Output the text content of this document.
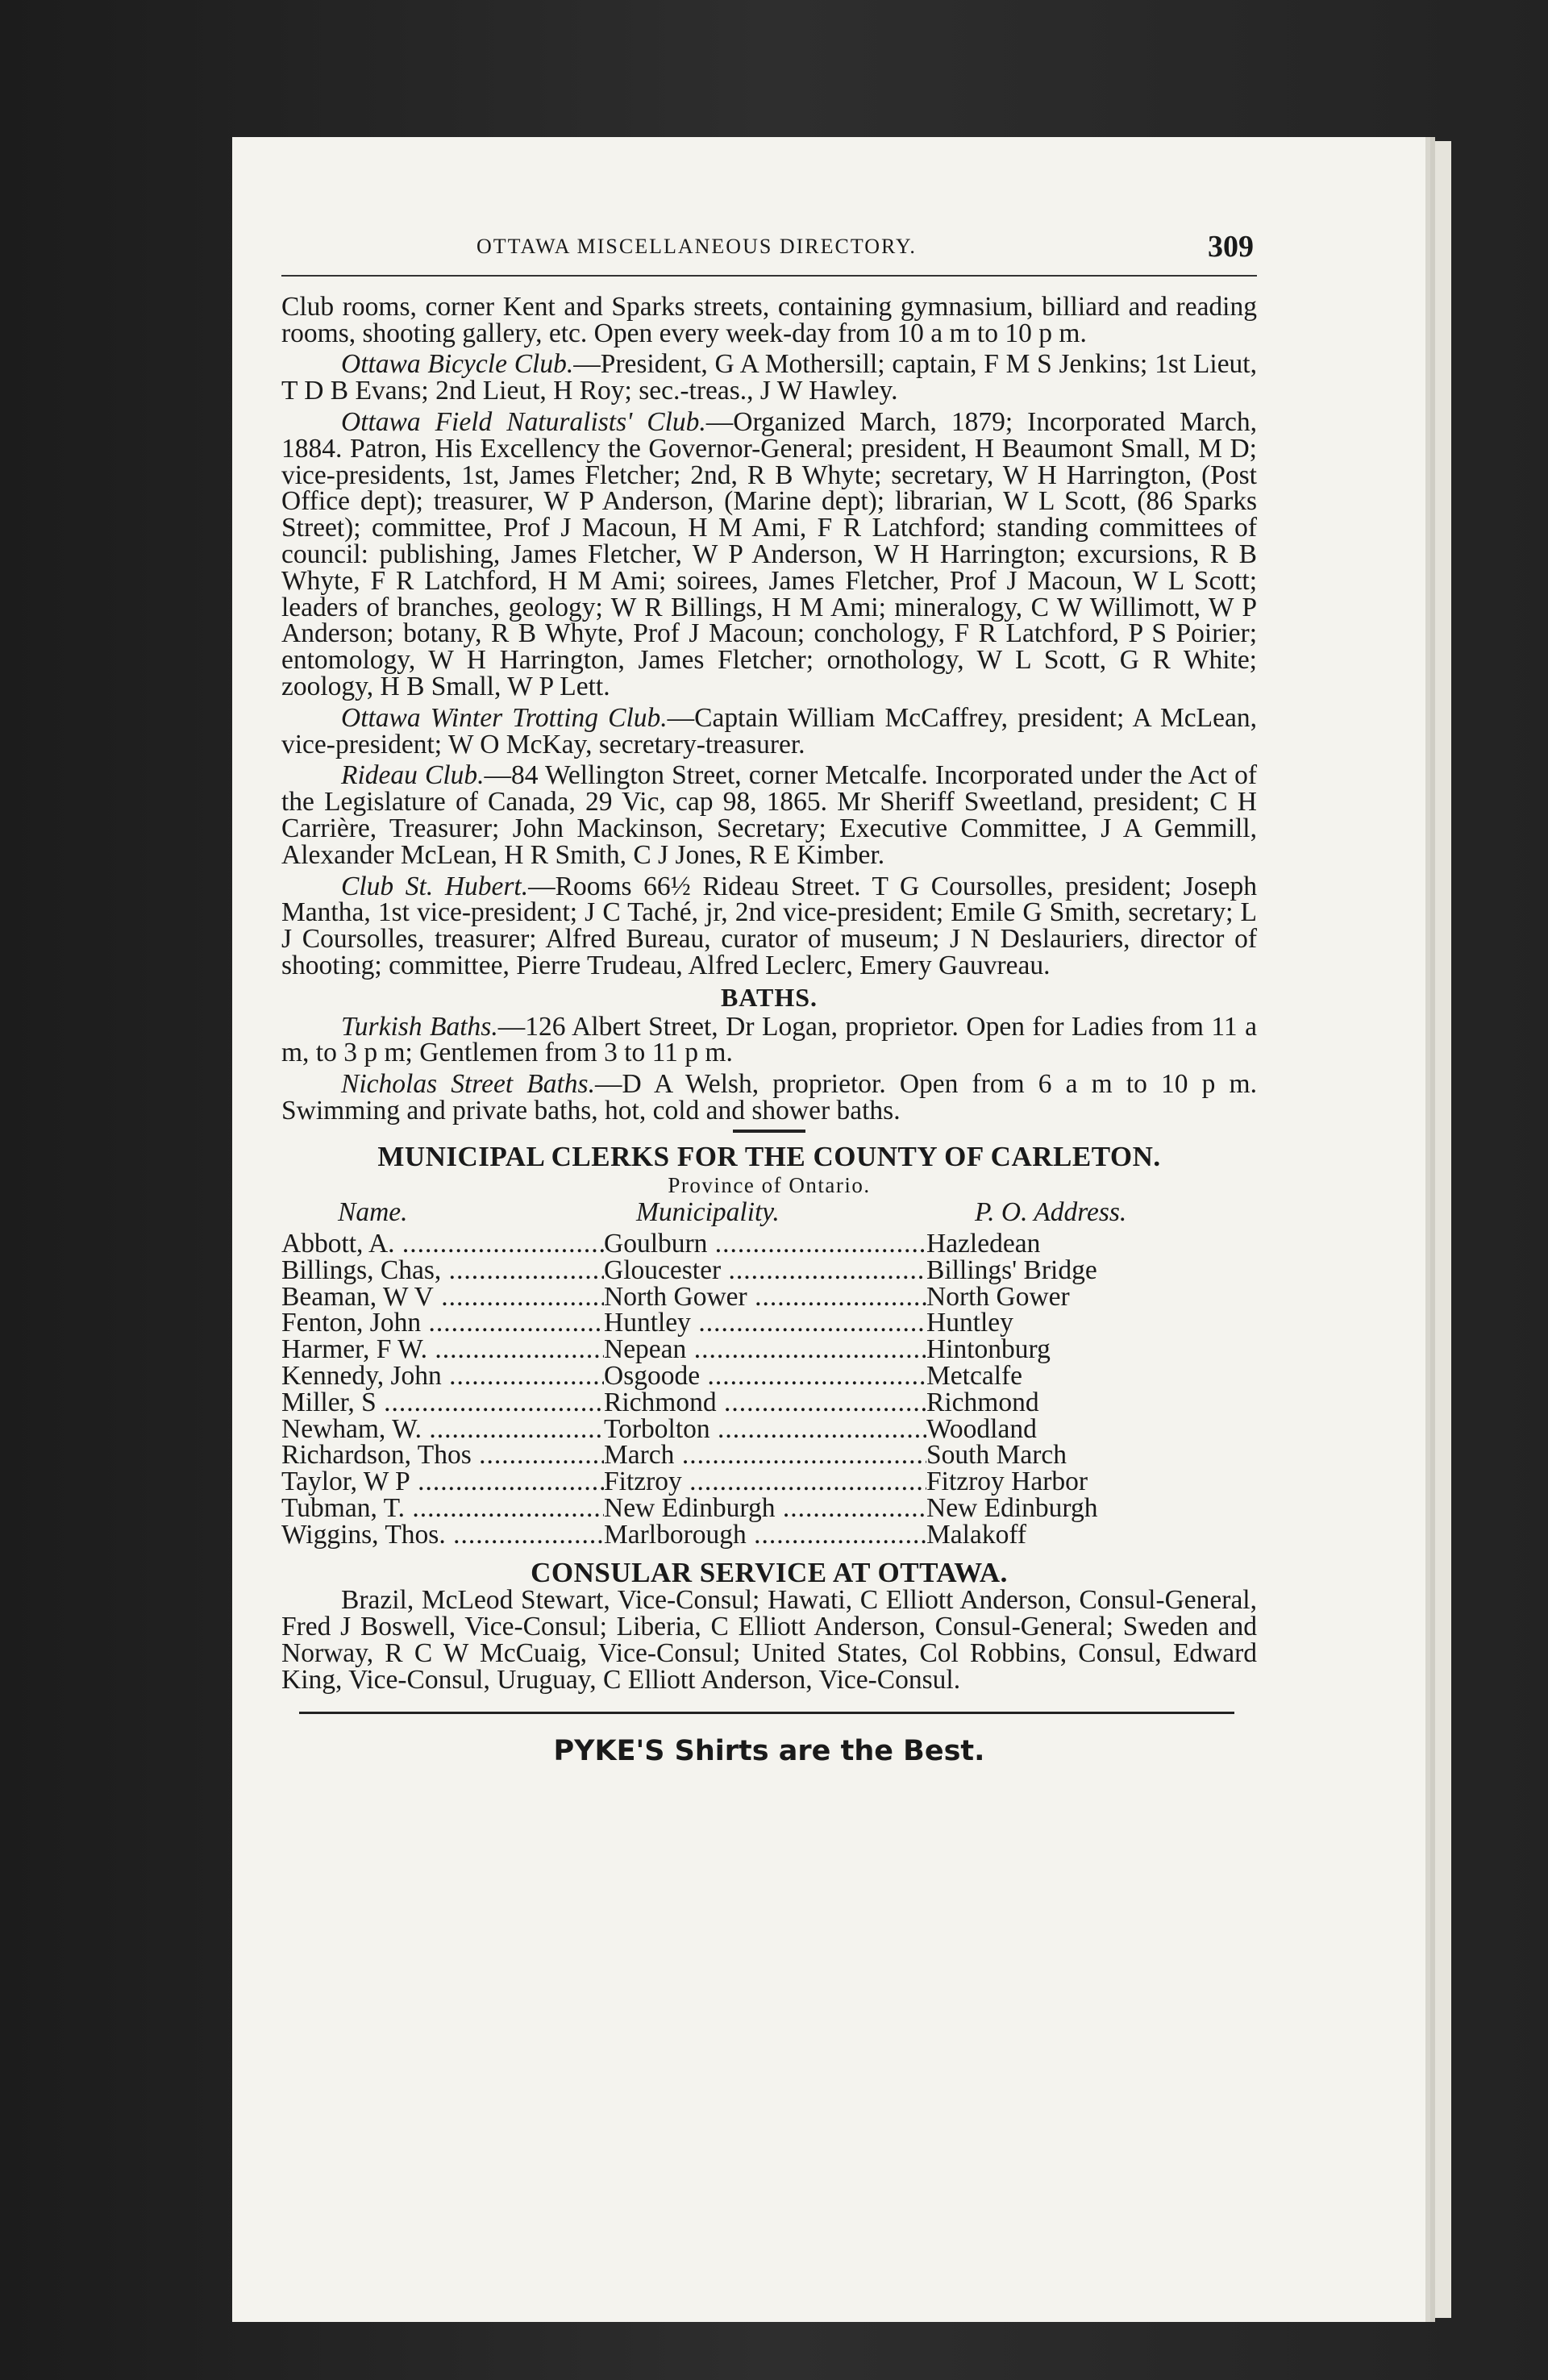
OTTAWA MISCELLANEOUS DIRECTORY.	309

Club rooms, corner Kent and Sparks streets, containing gymnasium, billiard and reading rooms, shooting gallery, etc. Open every week-day from 10 a m to 10 p m.

Ottawa Bicycle Club.—President, G A Mothersill; captain, F M S Jenkins; 1st Lieut, T D B Evans; 2nd Lieut, H Roy; sec.-treas., J W Hawley.

Ottawa Field Naturalists' Club.—Organized March, 1879; Incorporated March, 1884. Patron, His Excellency the Governor-General; president, H Beaumont Small, M D; vice-presidents, 1st, James Fletcher; 2nd, R B Whyte; secretary, W H Harrington, (Post Office dept); treasurer, W P Anderson, (Marine dept); librarian, W L Scott, (86 Sparks Street); committee, Prof J Macoun, H M Ami, F R Latchford; standing committees of council: publishing, James Fletcher, W P Anderson, W H Harrington; excursions, R B Whyte, F R Latchford, H M Ami; soirees, James Fletcher, Prof J Macoun, W L Scott; leaders of branches, geology; W R Billings, H M Ami; mineralogy, C W Willimott, W P Anderson; botany, R B Whyte, Prof J Macoun; conchology, F R Latchford, P S Poirier; entomology, W H Harrington, James Fletcher; ornothology, W L Scott, G R White; zoology, H B Small, W P Lett.

Ottawa Winter Trotting Club.—Captain William McCaffrey, president; A McLean, vice-president; W O McKay, secretary-treasurer.

Rideau Club.—84 Wellington Street, corner Metcalfe. Incorporated under the Act of the Legislature of Canada, 29 Vic, cap 98, 1865. Mr Sheriff Sweetland, president; C H Carrière, Treasurer; John Mackinson, Secretary; Executive Committee, J A Gemmill, Alexander McLean, H R Smith, C J Jones, R E Kimber.

Club St. Hubert.—Rooms 66½ Rideau Street. T G Coursolles, president; Joseph Mantha, 1st vice-president; J C Taché, jr, 2nd vice-president; Emile G Smith, secretary; L J Coursolles, treasurer; Alfred Bureau, curator of museum; J N Deslauriers, director of shooting; committee, Pierre Trudeau, Alfred Leclerc, Emery Gauvreau.

BATHS.

Turkish Baths.—126 Albert Street, Dr Logan, proprietor. Open for Ladies from 11 a m, to 3 p m; Gentlemen from 3 to 11 p m.

Nicholas Street Baths.—D A Welsh, proprietor. Open from 6 a m to 10 p m. Swimming and private baths, hot, cold and shower baths.

MUNICIPAL CLERKS FOR THE COUNTY OF CARLETON.
Province of Ontario.
Name.	Municipality.	P. O. Address.
Abbott, A. .....	Goulburn .....	Hazledean
Billings, Chas, .....	Gloucester .....	Billings' Bridge
Beaman, W V .....	North Gower .....	North Gower
Fenton, John .....	Huntley .....	Huntley
Harmer, F W. .....	Nepean .....	Hintonburg
Kennedy, John .....	Osgoode .....	Metcalfe
Miller, S .....	Richmond .....	Richmond
Newham, W. .....	Torbolton .....	Woodland
Richardson, Thos .....	March .....	South March
Taylor, W P .....	Fitzroy .....	Fitzroy Harbor
Tubman, T. .....	New Edinburgh .....	New Edinburgh
Wiggins, Thos. .....	Marlborough .....	Malakoff
CONSULAR SERVICE AT OTTAWA.

Brazil, McLeod Stewart, Vice-Consul; Hawati, C Elliott Anderson, Consul-General, Fred J Boswell, Vice-Consul; Liberia, C Elliott Anderson, Consul-General; Sweden and Norway, R C W McCuaig, Vice-Consul; United States, Col Robbins, Consul, Edward King, Vice-Consul, Uruguay, C Elliott Anderson, Vice-Consul.

PYKE'S Shirts are the Best.
